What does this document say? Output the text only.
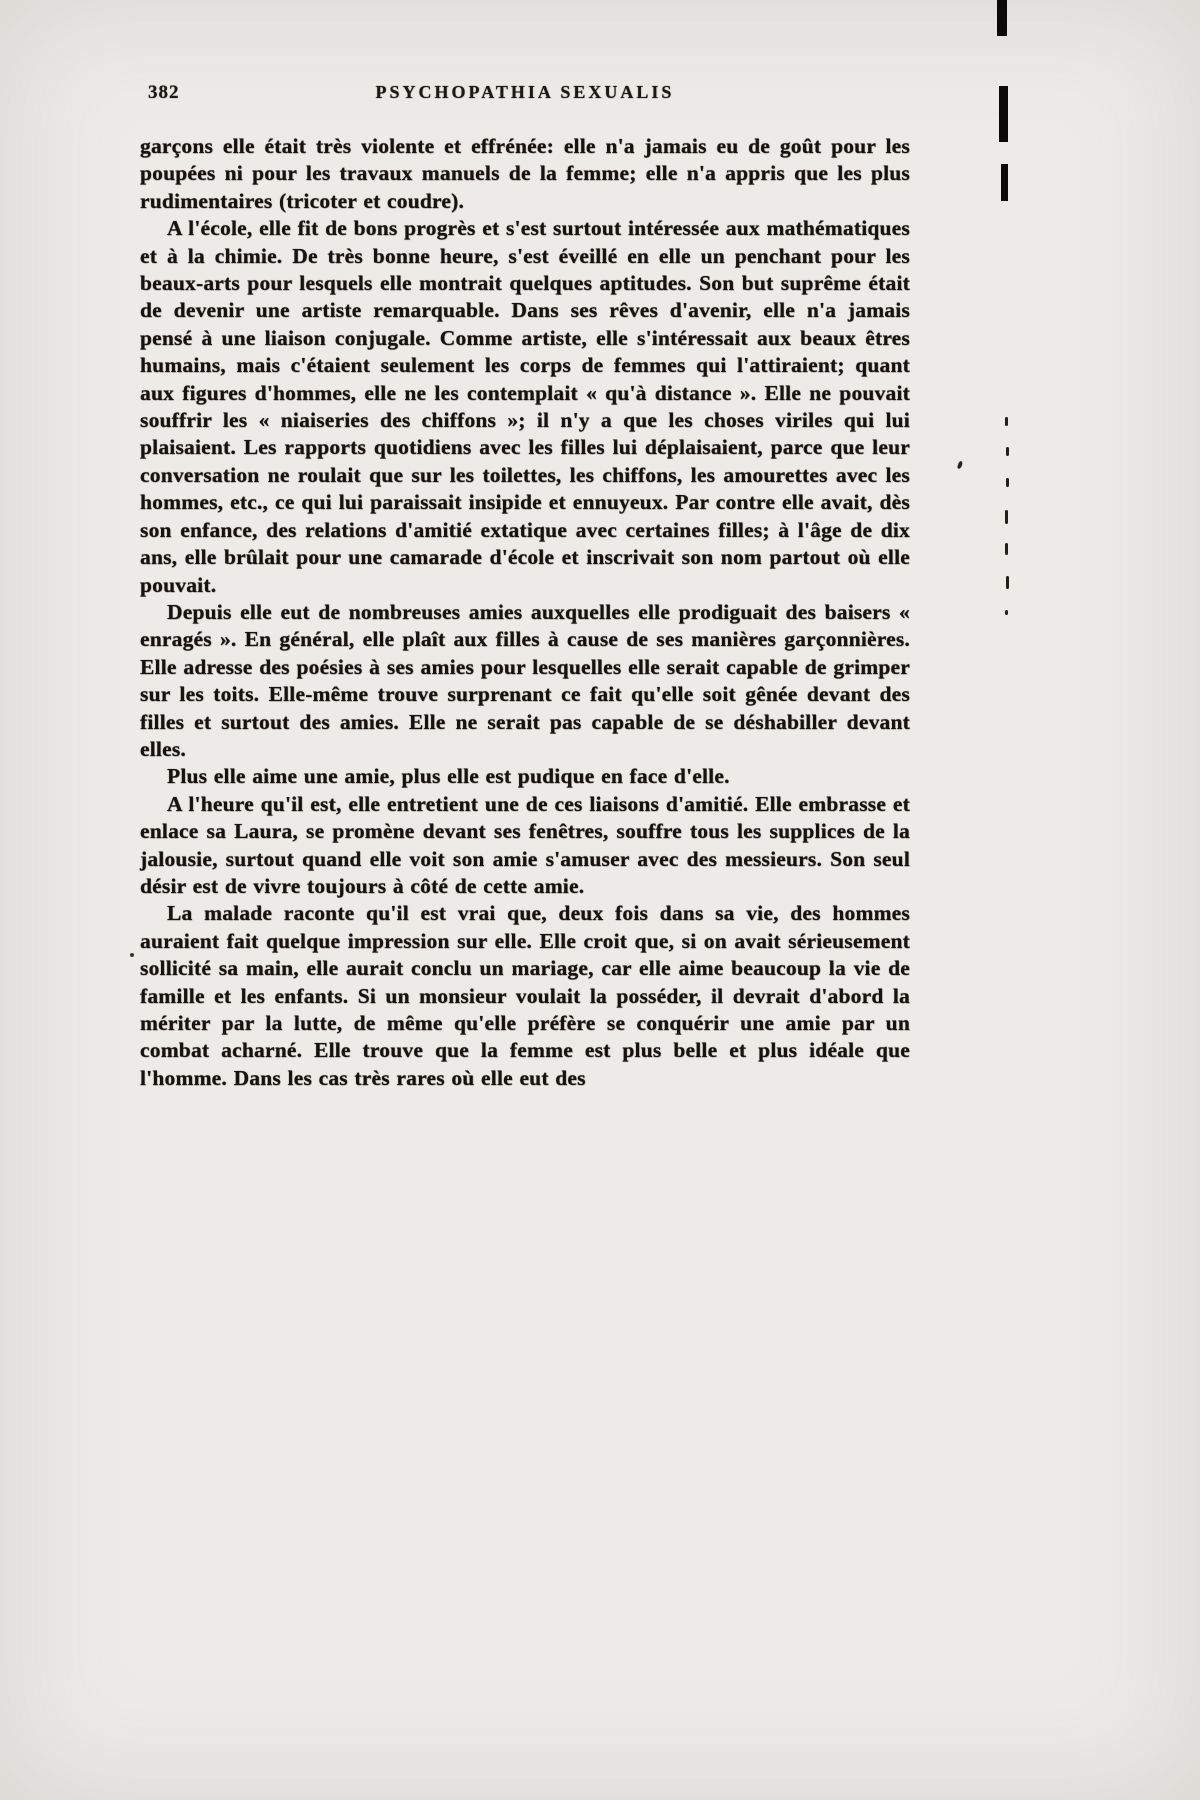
382	PSYCHOPATHIA SEXUALIS

garçons elle était très violente et effrénée: elle n'a jamais eu de goût pour les poupées ni pour les travaux manuels de la femme; elle n'a appris que les plus rudimentaires (tricoter et coudre).

A l'école, elle fit de bons progrès et s'est surtout intéressée aux mathématiques et à la chimie. De très bonne heure, s'est éveillé en elle un penchant pour les beaux-arts pour lesquels elle montrait quelques aptitudes. Son but suprême était de devenir une artiste remarquable. Dans ses rêves d'avenir, elle n'a jamais pensé à une liaison conjugale. Comme artiste, elle s'intéressait aux beaux êtres humains, mais c'étaient seulement les corps de femmes qui l'attiraient; quant aux figures d'hommes, elle ne les contemplait « qu'à distance ». Elle ne pouvait souffrir les « niaiseries des chiffons »; il n'y a que les choses viriles qui lui plaisaient. Les rapports quotidiens avec les filles lui déplaisaient, parce que leur conversation ne roulait que sur les toilettes, les chiffons, les amourettes avec les hommes, etc., ce qui lui paraissait insipide et ennuyeux. Par contre elle avait, dès son enfance, des relations d'amitié extatique avec certaines filles; à l'âge de dix ans, elle brûlait pour une camarade d'école et inscrivait son nom partout où elle pouvait.

Depuis elle eut de nombreuses amies auxquelles elle prodiguait des baisers « enragés ». En général, elle plaît aux filles à cause de ses manières garçonnières. Elle adresse des poésies à ses amies pour lesquelles elle serait capable de grimper sur les toits. Elle-même trouve surprenant ce fait qu'elle soit gênée devant des filles et surtout des amies. Elle ne serait pas capable de se déshabiller devant elles.

Plus elle aime une amie, plus elle est pudique en face d'elle.

A l'heure qu'il est, elle entretient une de ces liaisons d'amitié. Elle embrasse et enlace sa Laura, se promène devant ses fenêtres, souffre tous les supplices de la jalousie, surtout quand elle voit son amie s'amuser avec des messieurs. Son seul désir est de vivre toujours à côté de cette amie.

La malade raconte qu'il est vrai que, deux fois dans sa vie, des hommes auraient fait quelque impression sur elle. Elle croit que, si on avait sérieusement sollicité sa main, elle aurait conclu un mariage, car elle aime beaucoup la vie de famille et les enfants. Si un monsieur voulait la posséder, il devrait d'abord la mériter par la lutte, de même qu'elle préfère se conquérir une amie par un combat acharné. Elle trouve que la femme est plus belle et plus idéale que l'homme. Dans les cas très rares où elle eut des
